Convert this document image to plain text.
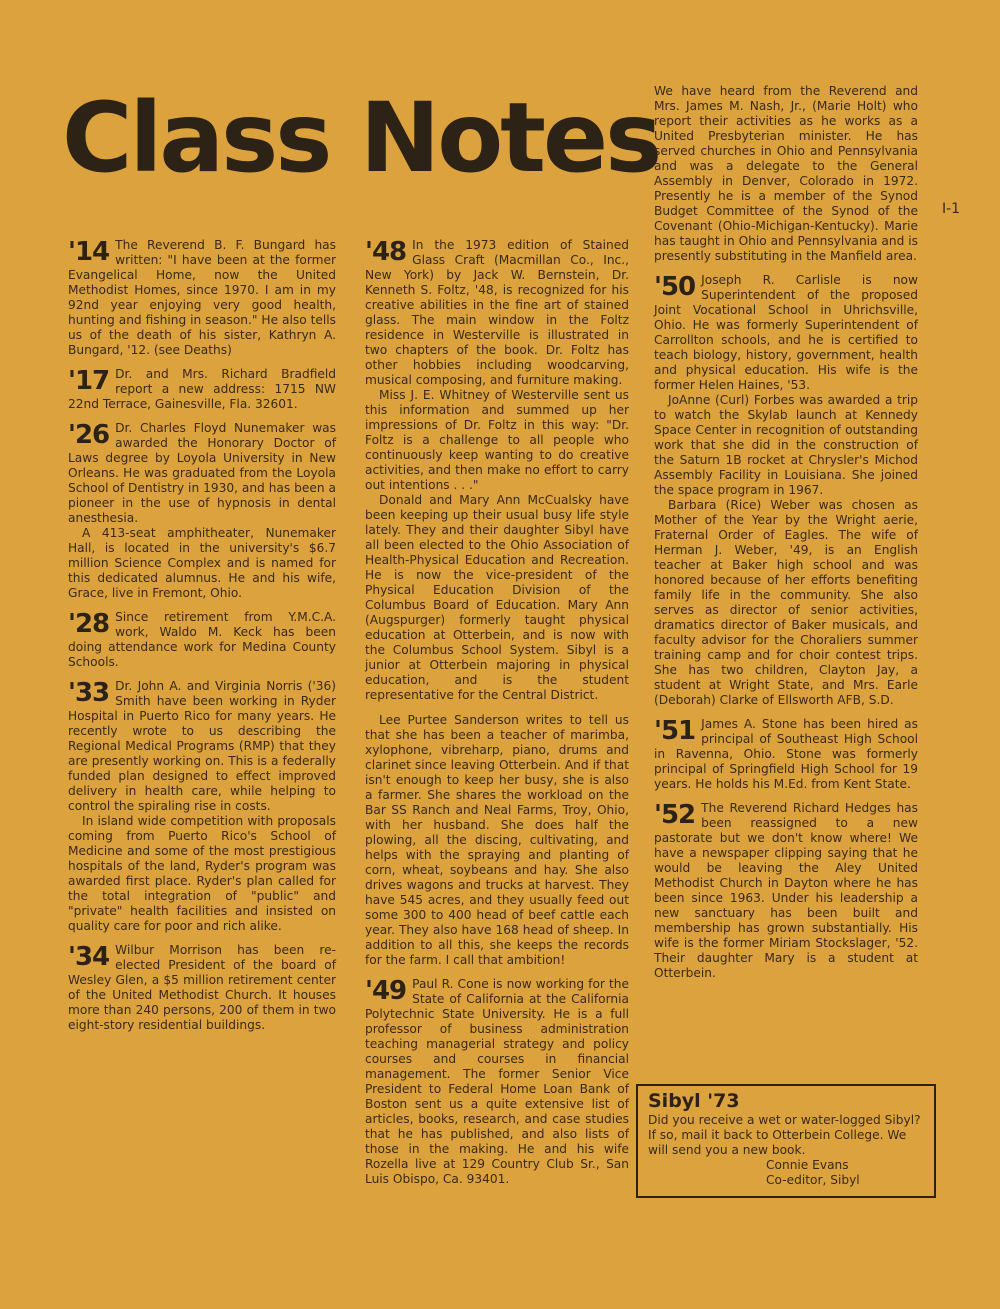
Class Notes
I-1
'14 The Reverend B. F. Bungard has written: "I have been at the former Evangelical Home, now the United Methodist Homes, since 1970. I am in my 92nd year enjoying very good health, hunting and fishing in season." He also tells us of the death of his sister, Kathryn A. Bungard, '12. (see Deaths)

'17 Dr. and Mrs. Richard Bradfield report a new address: 1715 NW 22nd Terrace, Gainesville, Fla. 32601.

'26 Dr. Charles Floyd Nunemaker was awarded the Honorary Doctor of Laws degree by Loyola University in New Orleans. He was graduated from the Loyola School of Dentistry in 1930, and has been a pioneer in the use of hypnosis in dental anesthesia.

A 413-seat amphitheater, Nunemaker Hall, is located in the university's $6.7 million Science Complex and is named for this dedicated alumnus. He and his wife, Grace, live in Fremont, Ohio.

'28 Since retirement from Y.M.C.A. work, Waldo M. Keck has been doing attendance work for Medina County Schools.

'33 Dr. John A. and Virginia Norris ('36) Smith have been working in Ryder Hospital in Puerto Rico for many years. He recently wrote to us describing the Regional Medical Programs (RMP) that they are presently working on. This is a federally funded plan designed to effect improved delivery in health care, while helping to control the spiraling rise in costs.

In island wide competition with proposals coming from Puerto Rico's School of Medicine and some of the most prestigious hospitals of the land, Ryder's program was awarded first place. Ryder's plan called for the total integration of "public" and "private" health facilities and insisted on quality care for poor and rich alike.

'34 Wilbur Morrison has been re-elected President of the board of Wesley Glen, a $5 million retirement center of the United Methodist Church. It houses more than 240 persons, 200 of them in two eight-story residential buildings.

'48 In the 1973 edition of Stained Glass Craft (Macmillan Co., Inc., New York) by Jack W. Bernstein, Dr. Kenneth S. Foltz, '48, is recognized for his creative abilities in the fine art of stained glass. The main window in the Foltz residence in Westerville is illustrated in two chapters of the book. Dr. Foltz has other hobbies including woodcarving, musical composing, and furniture making.

Miss J. E. Whitney of Westerville sent us this information and summed up her impressions of Dr. Foltz in this way: "Dr. Foltz is a challenge to all people who continuously keep wanting to do creative activities, and then make no effort to carry out intentions . . ."

Donald and Mary Ann McCualsky have been keeping up their usual busy life style lately. They and their daughter Sibyl have all been elected to the Ohio Association of Health-Physical Education and Recreation. He is now the vice-president of the Physical Education Division of the Columbus Board of Education. Mary Ann (Augspurger) formerly taught physical education at Otterbein, and is now with the Columbus School System. Sibyl is a junior at Otterbein majoring in physical education, and is the student representative for the Central District.

Lee Purtee Sanderson writes to tell us that she has been a teacher of marimba, xylophone, vibreharp, piano, drums and clarinet since leaving Otterbein. And if that isn't enough to keep her busy, she is also a farmer. She shares the workload on the Bar SS Ranch and Neal Farms, Troy, Ohio, with her husband. She does half the plowing, all the discing, cultivating, and helps with the spraying and planting of corn, wheat, soybeans and hay. She also drives wagons and trucks at harvest. They have 545 acres, and they usually feed out some 300 to 400 head of beef cattle each year. They also have 168 head of sheep. In addition to all this, she keeps the records for the farm. I call that ambition!

'49 Paul R. Cone is now working for the State of California at the California Polytechnic State University. He is a full professor of business administration teaching managerial strategy and policy courses and courses in financial management. The former Senior Vice President to Federal Home Loan Bank of Boston sent us a quite extensive list of articles, books, research, and case studies that he has published, and also lists of those in the making. He and his wife Rozella live at 129 Country Club Sr., San Luis Obispo, Ca. 93401.

We have heard from the Reverend and Mrs. James M. Nash, Jr., (Marie Holt) who report their activities as he works as a United Presbyterian minister. He has served churches in Ohio and Pennsylvania and was a delegate to the General Assembly in Denver, Colorado in 1972. Presently he is a member of the Synod Budget Committee of the Synod of the Covenant (Ohio-Michigan-Kentucky). Marie has taught in Ohio and Pennsylvania and is presently substituting in the Manfield area.

'50 Joseph R. Carlisle is now Superintendent of the proposed Joint Vocational School in Uhrichsville, Ohio. He was formerly Superintendent of Carrollton schools, and he is certified to teach biology, history, government, health and physical education. His wife is the former Helen Haines, '53.

JoAnne (Curl) Forbes was awarded a trip to watch the Skylab launch at Kennedy Space Center in recognition of outstanding work that she did in the construction of the Saturn 1B rocket at Chrysler's Michod Assembly Facility in Louisiana. She joined the space program in 1967.

Barbara (Rice) Weber was chosen as Mother of the Year by the Wright aerie, Fraternal Order of Eagles. The wife of Herman J. Weber, '49, is an English teacher at Baker high school and was honored because of her efforts benefiting family life in the community. She also serves as director of senior activities, dramatics director of Baker musicals, and faculty advisor for the Choraliers summer training camp and for choir contest trips. She has two children, Clayton Jay, a student at Wright State, and Mrs. Earle (Deborah) Clarke of Ellsworth AFB, S.D.

'51 James A. Stone has been hired as principal of Southeast High School in Ravenna, Ohio. Stone was formerly principal of Springfield High School for 19 years. He holds his M.Ed. from Kent State.

'52 The Reverend Richard Hedges has been reassigned to a new pastorate but we don't know where! We have a newspaper clipping saying that he would be leaving the Aley United Methodist Church in Dayton where he has been since 1963. Under his leadership a new sanctuary has been built and membership has grown substantially. His wife is the former Miriam Stockslager, '52. Their daughter Mary is a student at Otterbein.

Sibyl '73

Did you receive a wet or water-logged Sibyl? If so, mail it back to Otterbein College. We will send you a new book.

Connie Evans

Co-editor, Sibyl
